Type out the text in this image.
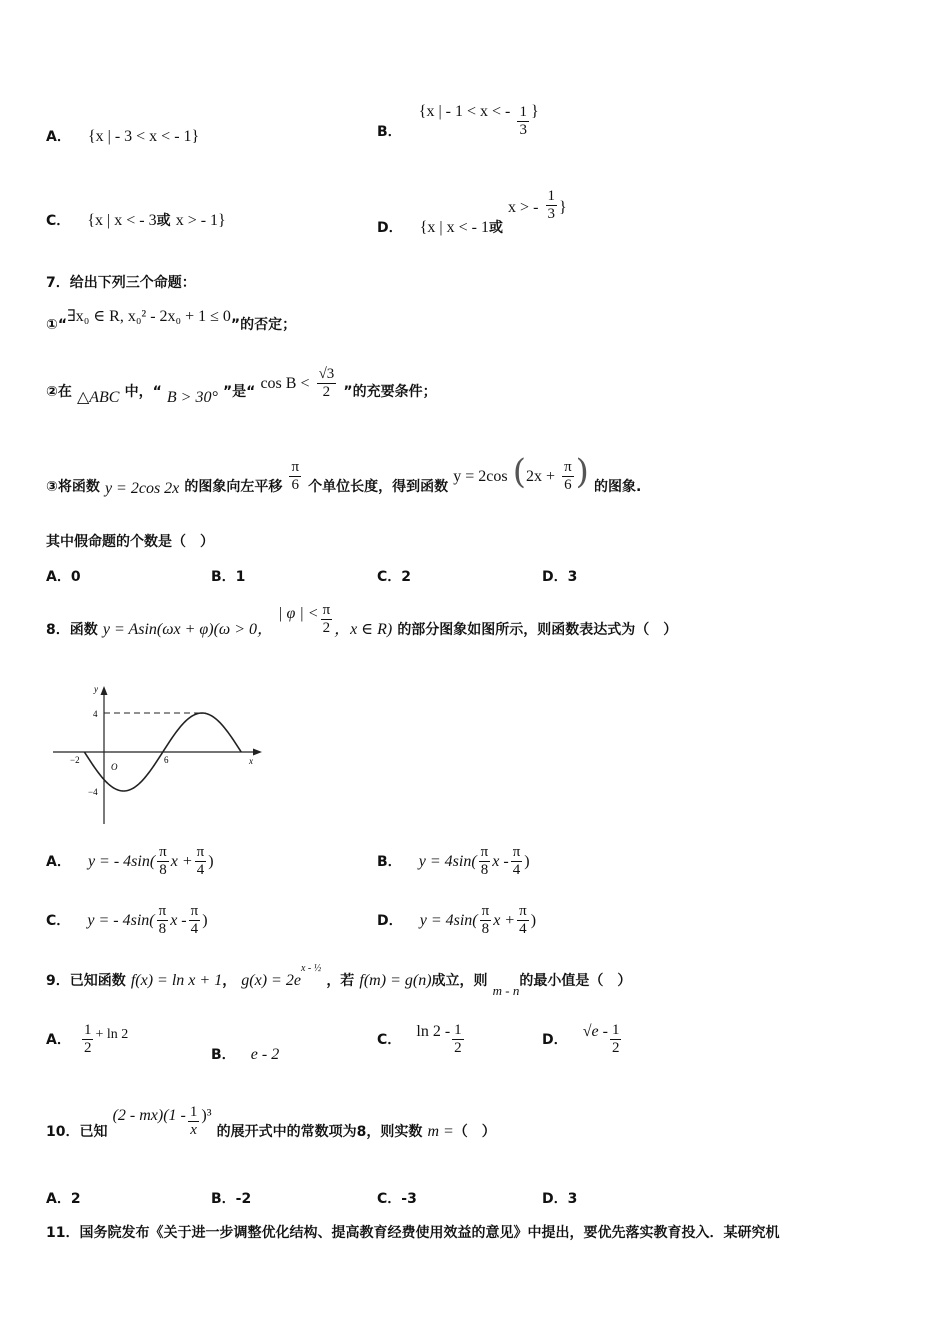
A． {x | - 3 < x < - 1}	B． {x | - 1 < x < - $\frac{1}{3}$ }
C． {x | x < - 3或 x > - 1}	D． {x | x < - 1或 x > - $\frac{1}{3}$ }
7．给出下列三个命题：
①“∃x₀ ∈ R, x₀² - 2x₀ + 1 ≤ 0”的否定；
②在 △ABC 中，“ B > 30° ”是“ $\cos B < \frac{√3}{2}$ ”的充要条件；
③将函数 y = 2cos 2x 的图象向左平移 $\frac{\pi}{6}$ 个单位长度，得到函数 y = 2cos ($2x + \frac{\pi}{6}$ ) 的图象.
其中假命题的个数是（　）
A．0	B．1	C．2	D．3
8．函数 y = Asin(ωx + φ)(ω > 0， | φ | < $\frac{\pi}{2}$ ，x ∈ R) 的部分图象如图所示，则函数表达式为（　）
y
x
O
4
−4
−2	6
A． y = - $4\sin( \frac{\pi}{8}$ $x + \frac{\pi}{4}$ )	B． $y = 4\sin( \frac{\pi}{8}$ x - $\frac{\pi}{4}$ )
C． y = - $4\sin( \frac{\pi}{8}$ x - $\frac{\pi}{4}$ )	D． $y = 4\sin( \frac{\pi}{8}$ $x + \frac{\pi}{4}$ )
9．已知函数 f(x) = ln x + 1， $g(x) = 2e^{x - \frac{1}{2}}$ ，若 f(m) = g(n)成立，则 $_{m - n}$的最小值是（　）
A． $\frac{1}{2} + \ln 2$
B． e - 2
C． $\ln 2 - \frac{1}{2}$	D． $√e - \frac{1}{2}$
10．已知 $(2 - mx)(1 - \frac{1}{x} )^3$ 的展开式中的常数项为8，则实数 m =（　）
A．2	B．-2	C．-3	D．3
11．国务院发布《关于进一步调整优化结构、提高教育经费使用效益的意见》中提出，要优先落实教育投入．某研究机
